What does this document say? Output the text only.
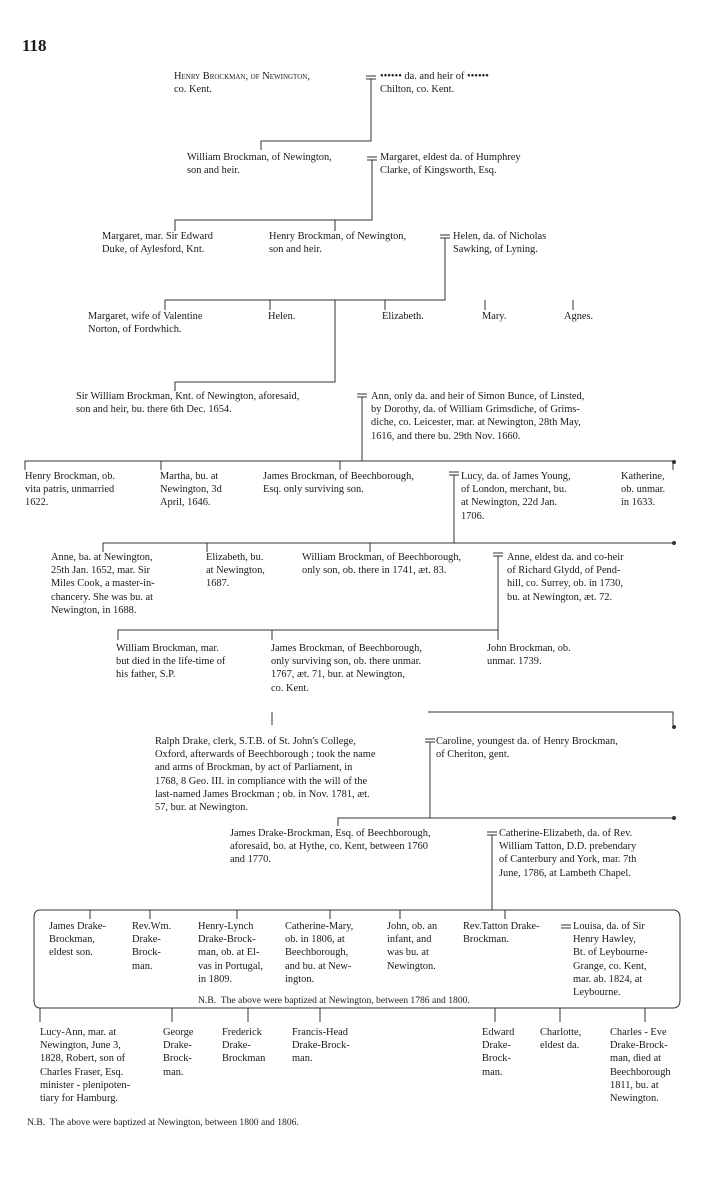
118
Henry Brockman, of Newington,
co. Kent.
•••••• da. and heir of ••••••
Chilton, co. Kent.
William Brockman, of Newington,
son and heir.
Margaret, eldest da. of Humphrey
Clarke, of Kingsworth, Esq.
Margaret, mar. Sir Edward
Duke, of Aylesford, Knt.
Henry Brockman, of Newington,
son and heir.
Helen, da. of Nicholas
Sawking, of Lyning.
Margaret, wife of Valentine
Norton, of Fordwhich.
Helen.	Elizabeth.	Mary.	Agnes.
Sir William Brockman, Knt. of Newington, aforesaid,
son and heir, bu. there 6th Dec. 1654.
Ann, only da. and heir of Simon Bunce, of Linsted,
by Dorothy, da. of William Grimsdiche, of Grims-
diche, co. Leicester, mar. at Newington, 28th May,
1616, and there bu. 29th Nov. 1660.
Henry Brockman, ob.
vita patris, unmarried
1622.
Martha, bu. at
Newington, 3d
April, 1646.
James Brockman, of Beechborough,
Esq. only surviving son.
Lucy, da. of James Young,
of London, merchant, bu.
at Newington, 22d Jan.
1706.
Katherine,
ob. unmar.
in 1633.
Anne, ba. at Newington,
25th Jan. 1652, mar. Sir
Miles Cook, a master-in-
chancery. She was bu. at
Newington, in 1688.
Elizabeth, bu.
at Newington,
1687.
William Brockman, of Beechborough,
only son, ob. there in 1741, æt. 83.
Anne, eldest da. and co-heir
of Richard Glydd, of Pend-
hill, co. Surrey, ob. in 1730,
bu. at Newington, æt. 72.
William Brockman, mar.
but died in the life-time of
his father, S.P.
James Brockman, of Beechborough,
only surviving son, ob. there unmar.
1767, æt. 71, bur. at Newington,
co. Kent.
John Brockman, ob.
unmar. 1739.
Ralph Drake, clerk, S.T.B. of St. John's College,
Oxford, afterwards of Beechborough ; took the name
and arms of Brockman, by act of Parliament, in
1768, 8 Geo. III. in compliance with the will of the
last-named James Brockman ; ob. in Nov. 1781, æt.
57, bur. at Newington.
Caroline, youngest da. of Henry Brockman,
of Cheriton, gent.
James Drake-Brockman, Esq. of Beechborough,
aforesaid, bo. at Hythe, co. Kent, between 1760
and 1770.
Catherine-Elizabeth, da. of Rev.
William Tatton, D.D. prebendary
of Canterbury and York, mar. 7th
June, 1786, at Lambeth Chapel.
James Drake-
Brockman,
eldest son.
Rev.Wm.
Drake-
Brock-
man.
Henry-Lynch
Drake-Brock-
man, ob. at El-
vas in Portugal,
in 1809.
Catherine-Mary,
ob. in 1806, at
Beechborough,
and bu. at New-
ington.
John, ob. an
infant, and
was bu. at
Newington.
Rev.Tatton Drake-
Brockman.
Louisa, da. of Sir
Henry Hawley,
Bt. of Leybourne-
Grange, co. Kent,
mar. ab. 1824, at
Leybourne.
N.B.  The above were baptized at Newington, between 1786 and 1800.
Lucy-Ann, mar. at
Newington, June 3,
1828, Robert, son of
Charles Fraser, Esq.
minister - plenipoten-
tiary for Hamburg.
George
Drake-
Brock-
man.
Frederick
Drake-
Brockman
Francis-Head
Drake-Brock-
man.
Edward
Drake-
Brock-
man.
Charlotte,
eldest da.
Charles - Eve
Drake-Brock-
man, died at
Beechborough
1811, bu. at
Newington.
N.B.  The above were baptized at Newington, between 1800 and 1806.
